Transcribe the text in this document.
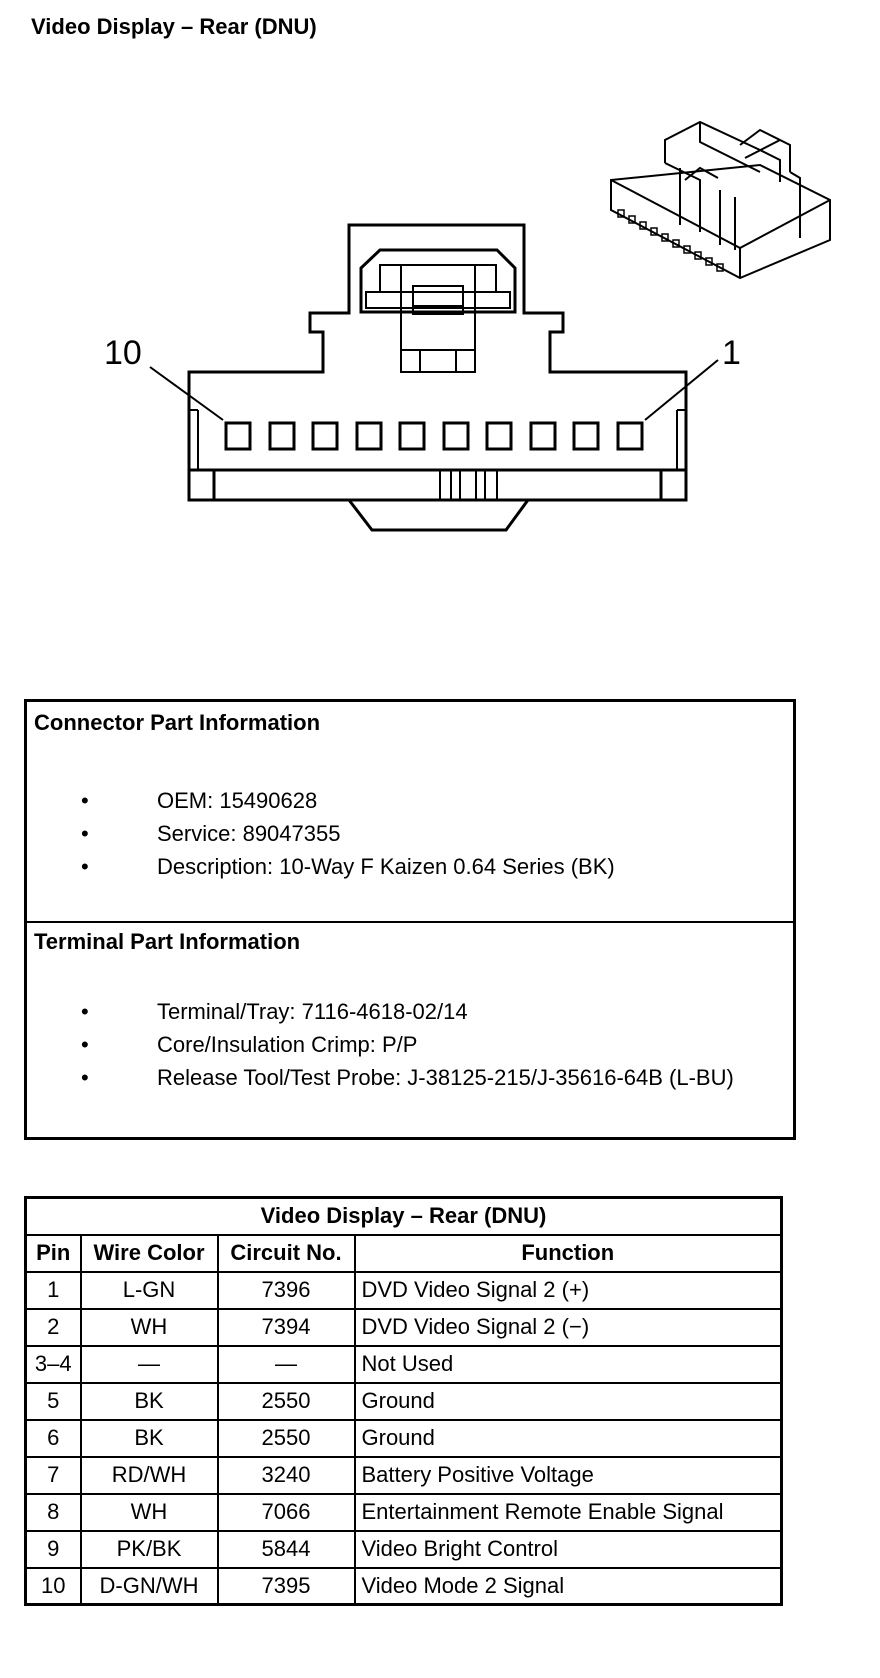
Video Display – Rear (DNU)
10	1
Connector Part Information
•	OEM: 15490628
•	Service: 89047355
•	Description: 10-Way F Kaizen 0.64 Series (BK)
Terminal Part Information
•	Terminal/Tray: 7116-4618-02/14
•	Core/Insulation Crimp: P/P
•	Release Tool/Test Probe: J-38125-215/J-35616-64B (L-BU)
Video Display – Rear (DNU)			
Pin	Wire Color	Circuit No.	Function
1	L-GN	7396	DVD Video Signal 2 (+)
2	WH	7394	DVD Video Signal 2 (−)
3–4	—	—	Not Used
5	BK	2550	Ground
6	BK	2550	Ground
7	RD/WH	3240	Battery Positive Voltage
8	WH	7066	Entertainment Remote Enable Signal
9	PK/BK	5844	Video Bright Control
10	D-GN/WH	7395	Video Mode 2 Signal
